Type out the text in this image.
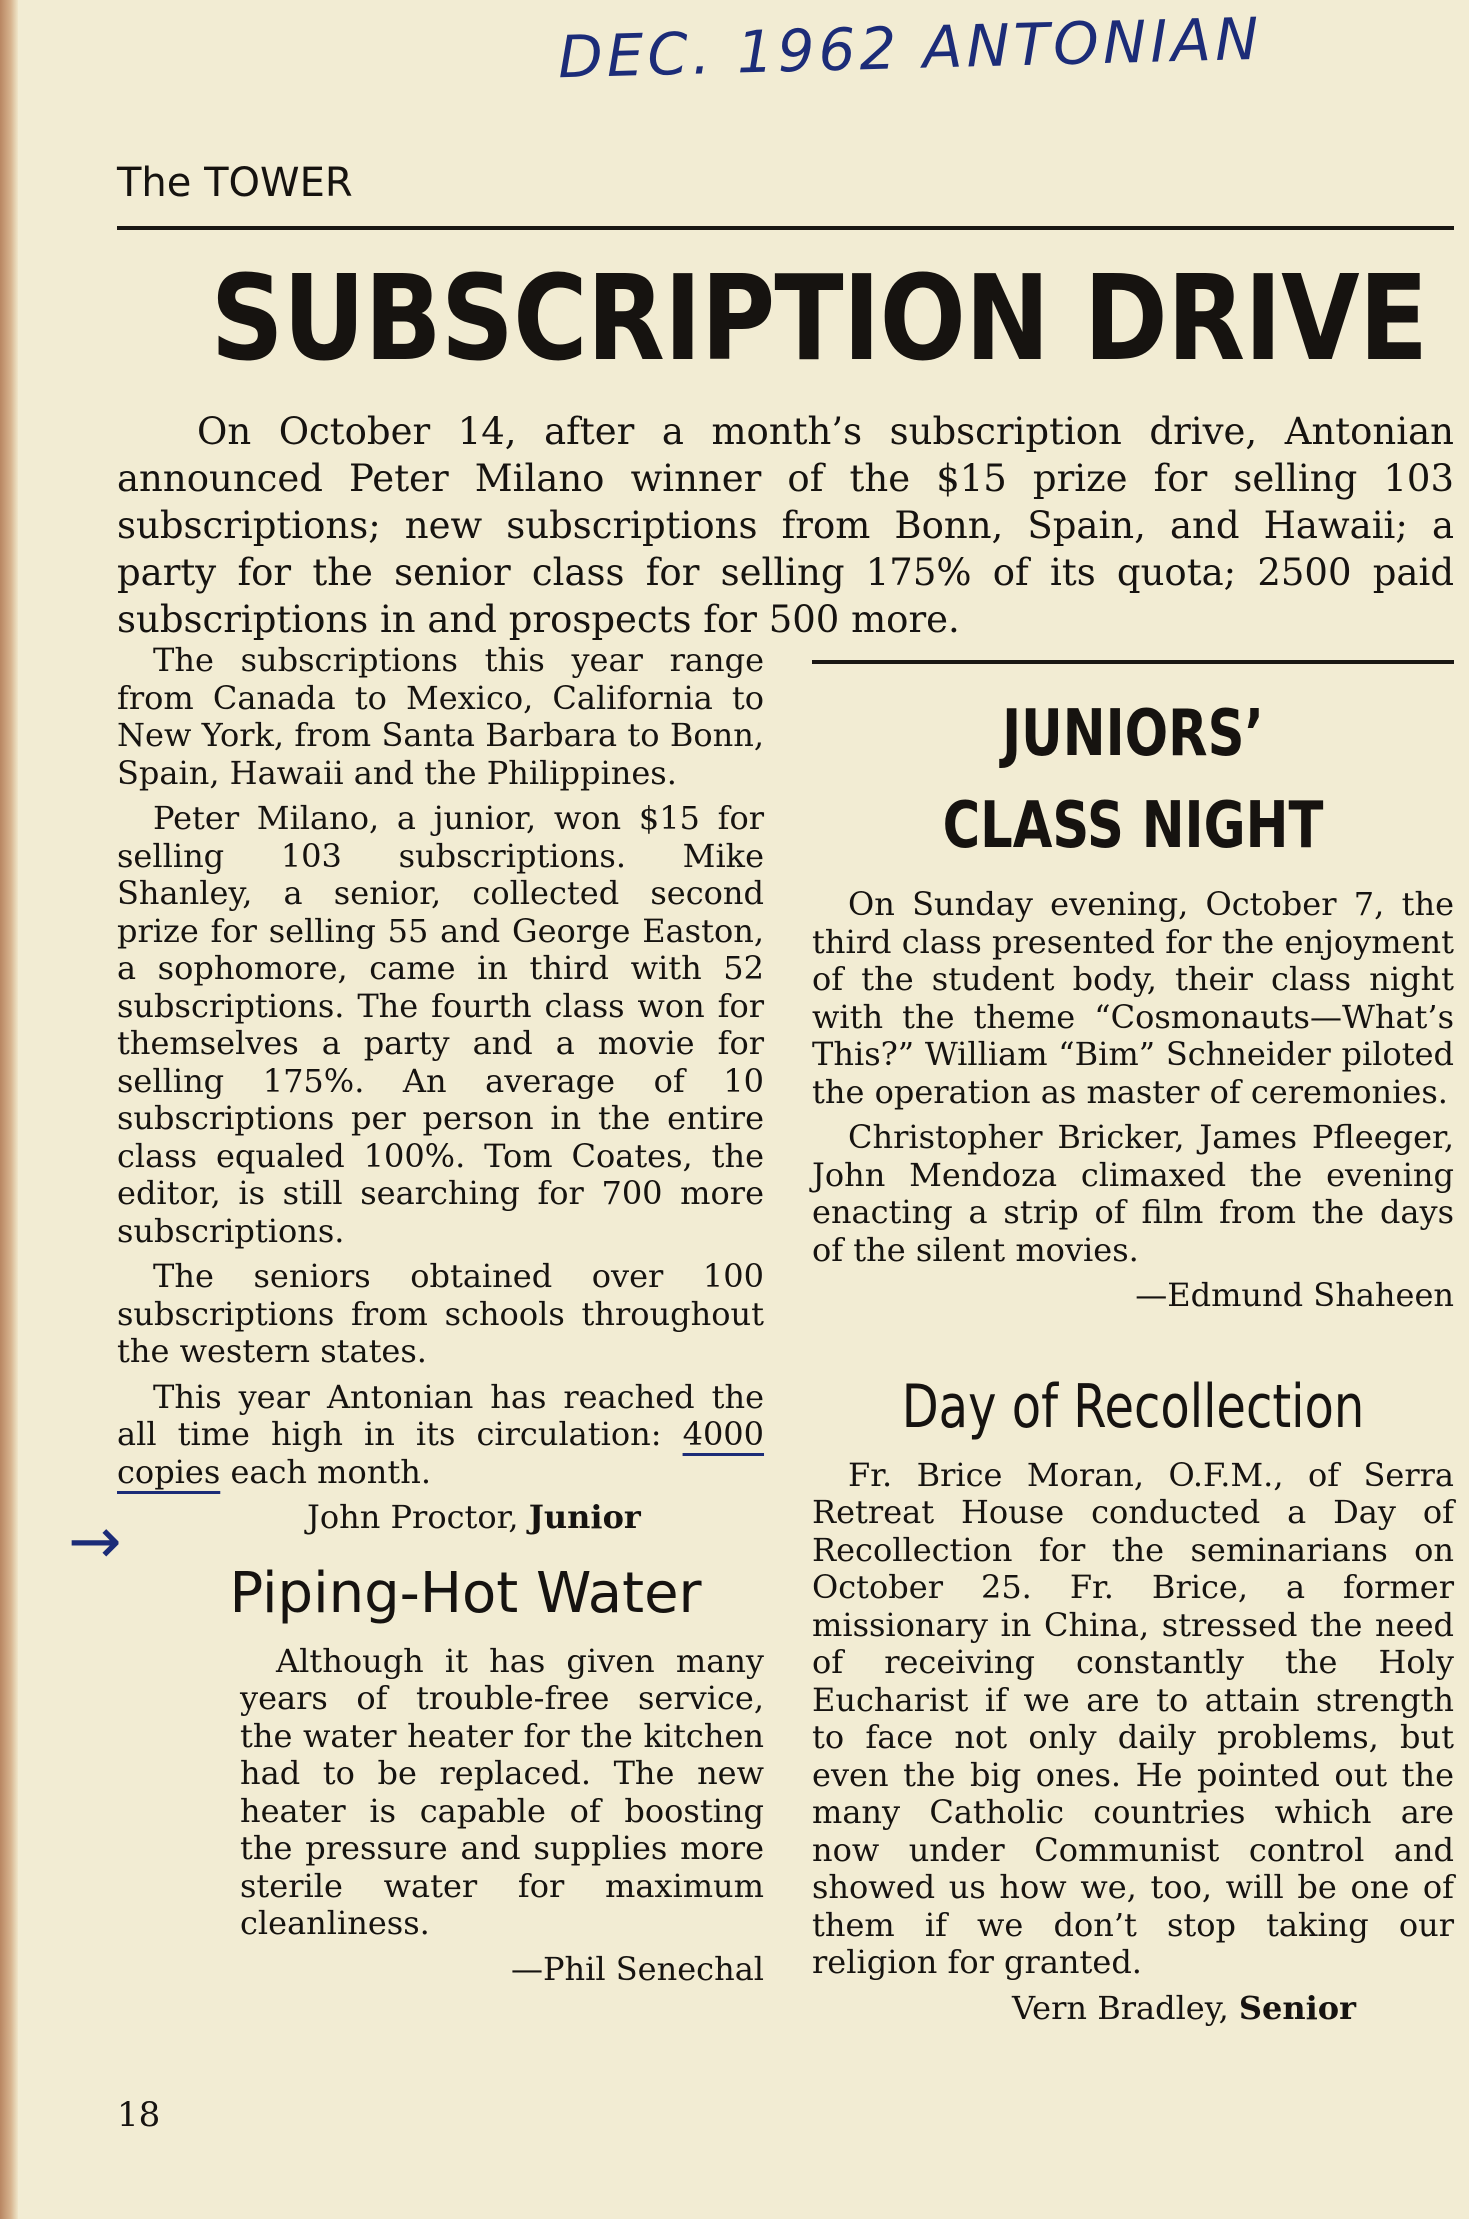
DEC. 1962 ANTONIAN
The TOWER
SUBSCRIPTION DRIVE

On October 14, after a month’s subscription drive, Antonian announced Peter Milano winner of the $15 prize for selling 103 subscriptions; new subscriptions from Bonn, Spain, and Hawaii; a party for the senior class for selling 175% of its quota; 2500 paid subscriptions in and prospects for 500 more.

The subscriptions this year range from Canada to Mexico, California to New York, from Santa Barbara to Bonn, Spain, Hawaii and the Philippines.

Peter Milano, a junior, won $15 for selling 103 subscriptions. Mike Shanley, a senior, collected second prize for selling 55 and George Easton, a sophomore, came in third with 52 subscriptions. The fourth class won for themselves a party and a movie for selling 175%. An average of 10 subscriptions per person in the entire class equaled 100%. Tom Coates, the editor, is still searching for 700 more subscriptions.

The seniors obtained over 100 subscriptions from schools throughout the western states.

This year Antonian has reached the all time high in its circulation: 4000 copies each month.

John Proctor, Junior

Piping-Hot Water

Although it has given many years of trouble-free service, the water heater for the kitchen had to be replaced. The new heater is capable of boosting the pressure and supplies more sterile water for maximum cleanliness.

—Phil Senechal

JUNIORS’
CLASS NIGHT

On Sunday evening, October 7, the third class presented for the enjoyment of the student body, their class night with the theme “Cosmonauts—What’s This?” William “Bim” Schneider piloted the operation as master of ceremonies.

Christopher Bricker, James Pfleeger, John Mendoza climaxed the evening enacting a strip of film from the days of the silent movies.

—Edmund Shaheen

Day of Recollection

Fr. Brice Moran, O.F.M., of Serra Retreat House conducted a Day of Recollection for the seminarians on October 25. Fr. Brice, a former missionary in China, stressed the need of receiving constantly the Holy Eucharist if we are to attain strength to face not only daily problems, but even the big ones. He pointed out the many Catholic countries which are now under Communist control and showed us how we, too, will be one of them if we don’t stop taking our religion for granted.

Vern Bradley, Senior

→
18
